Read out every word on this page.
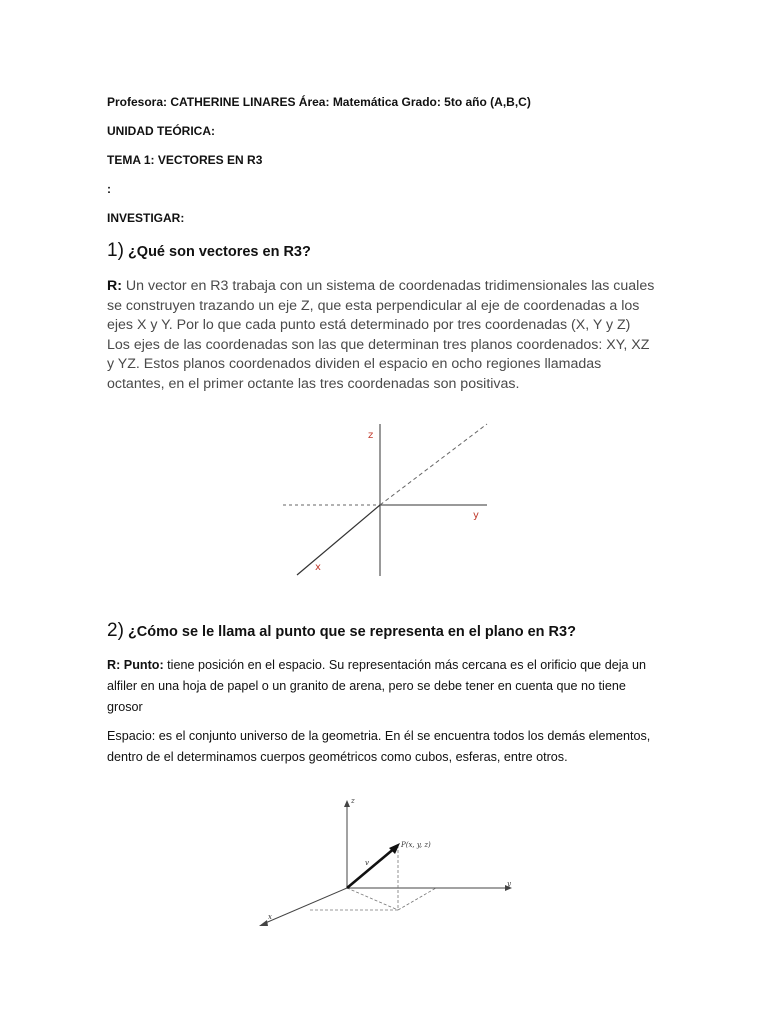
Profesora: CATHERINE LINARES Área: Matemática Grado: 5to año (A,B,C)
UNIDAD TEÓRICA:
TEMA 1: VECTORES EN R3
:
INVESTIGAR:
1) ¿Qué son vectores en R3?
R: Un vector en R3 trabaja con un sistema de coordenadas tridimensionales las cuales se construyen trazando un eje Z, que esta perpendicular al eje de coordenadas a los ejes X y Y. Por lo que cada punto está determinado por tres coordenadas (X, Y y Z) Los ejes de las coordenadas son las que determinan tres planos coordenados: XY, XZ y YZ. Estos planos coordenados dividen el espacio en ocho regiones llamadas octantes, en el primer octante las tres coordenadas son positivas.
z
y
x
2) ¿Cómo se le llama al punto que se representa en el plano en R3?
R: Punto: tiene posición en el espacio. Su representación más cercana es el orificio que deja un alfiler en una hoja de papel o un granito de arena, pero se debe tener en cuenta que no tiene grosor
Espacio: es el conjunto universo de la geometria. En él se encuentra todos los demás elementos, dentro de el determinamos cuerpos geométricos como cubos, esferas, entre otros.
z
y
x
P(x, y, z)
v
